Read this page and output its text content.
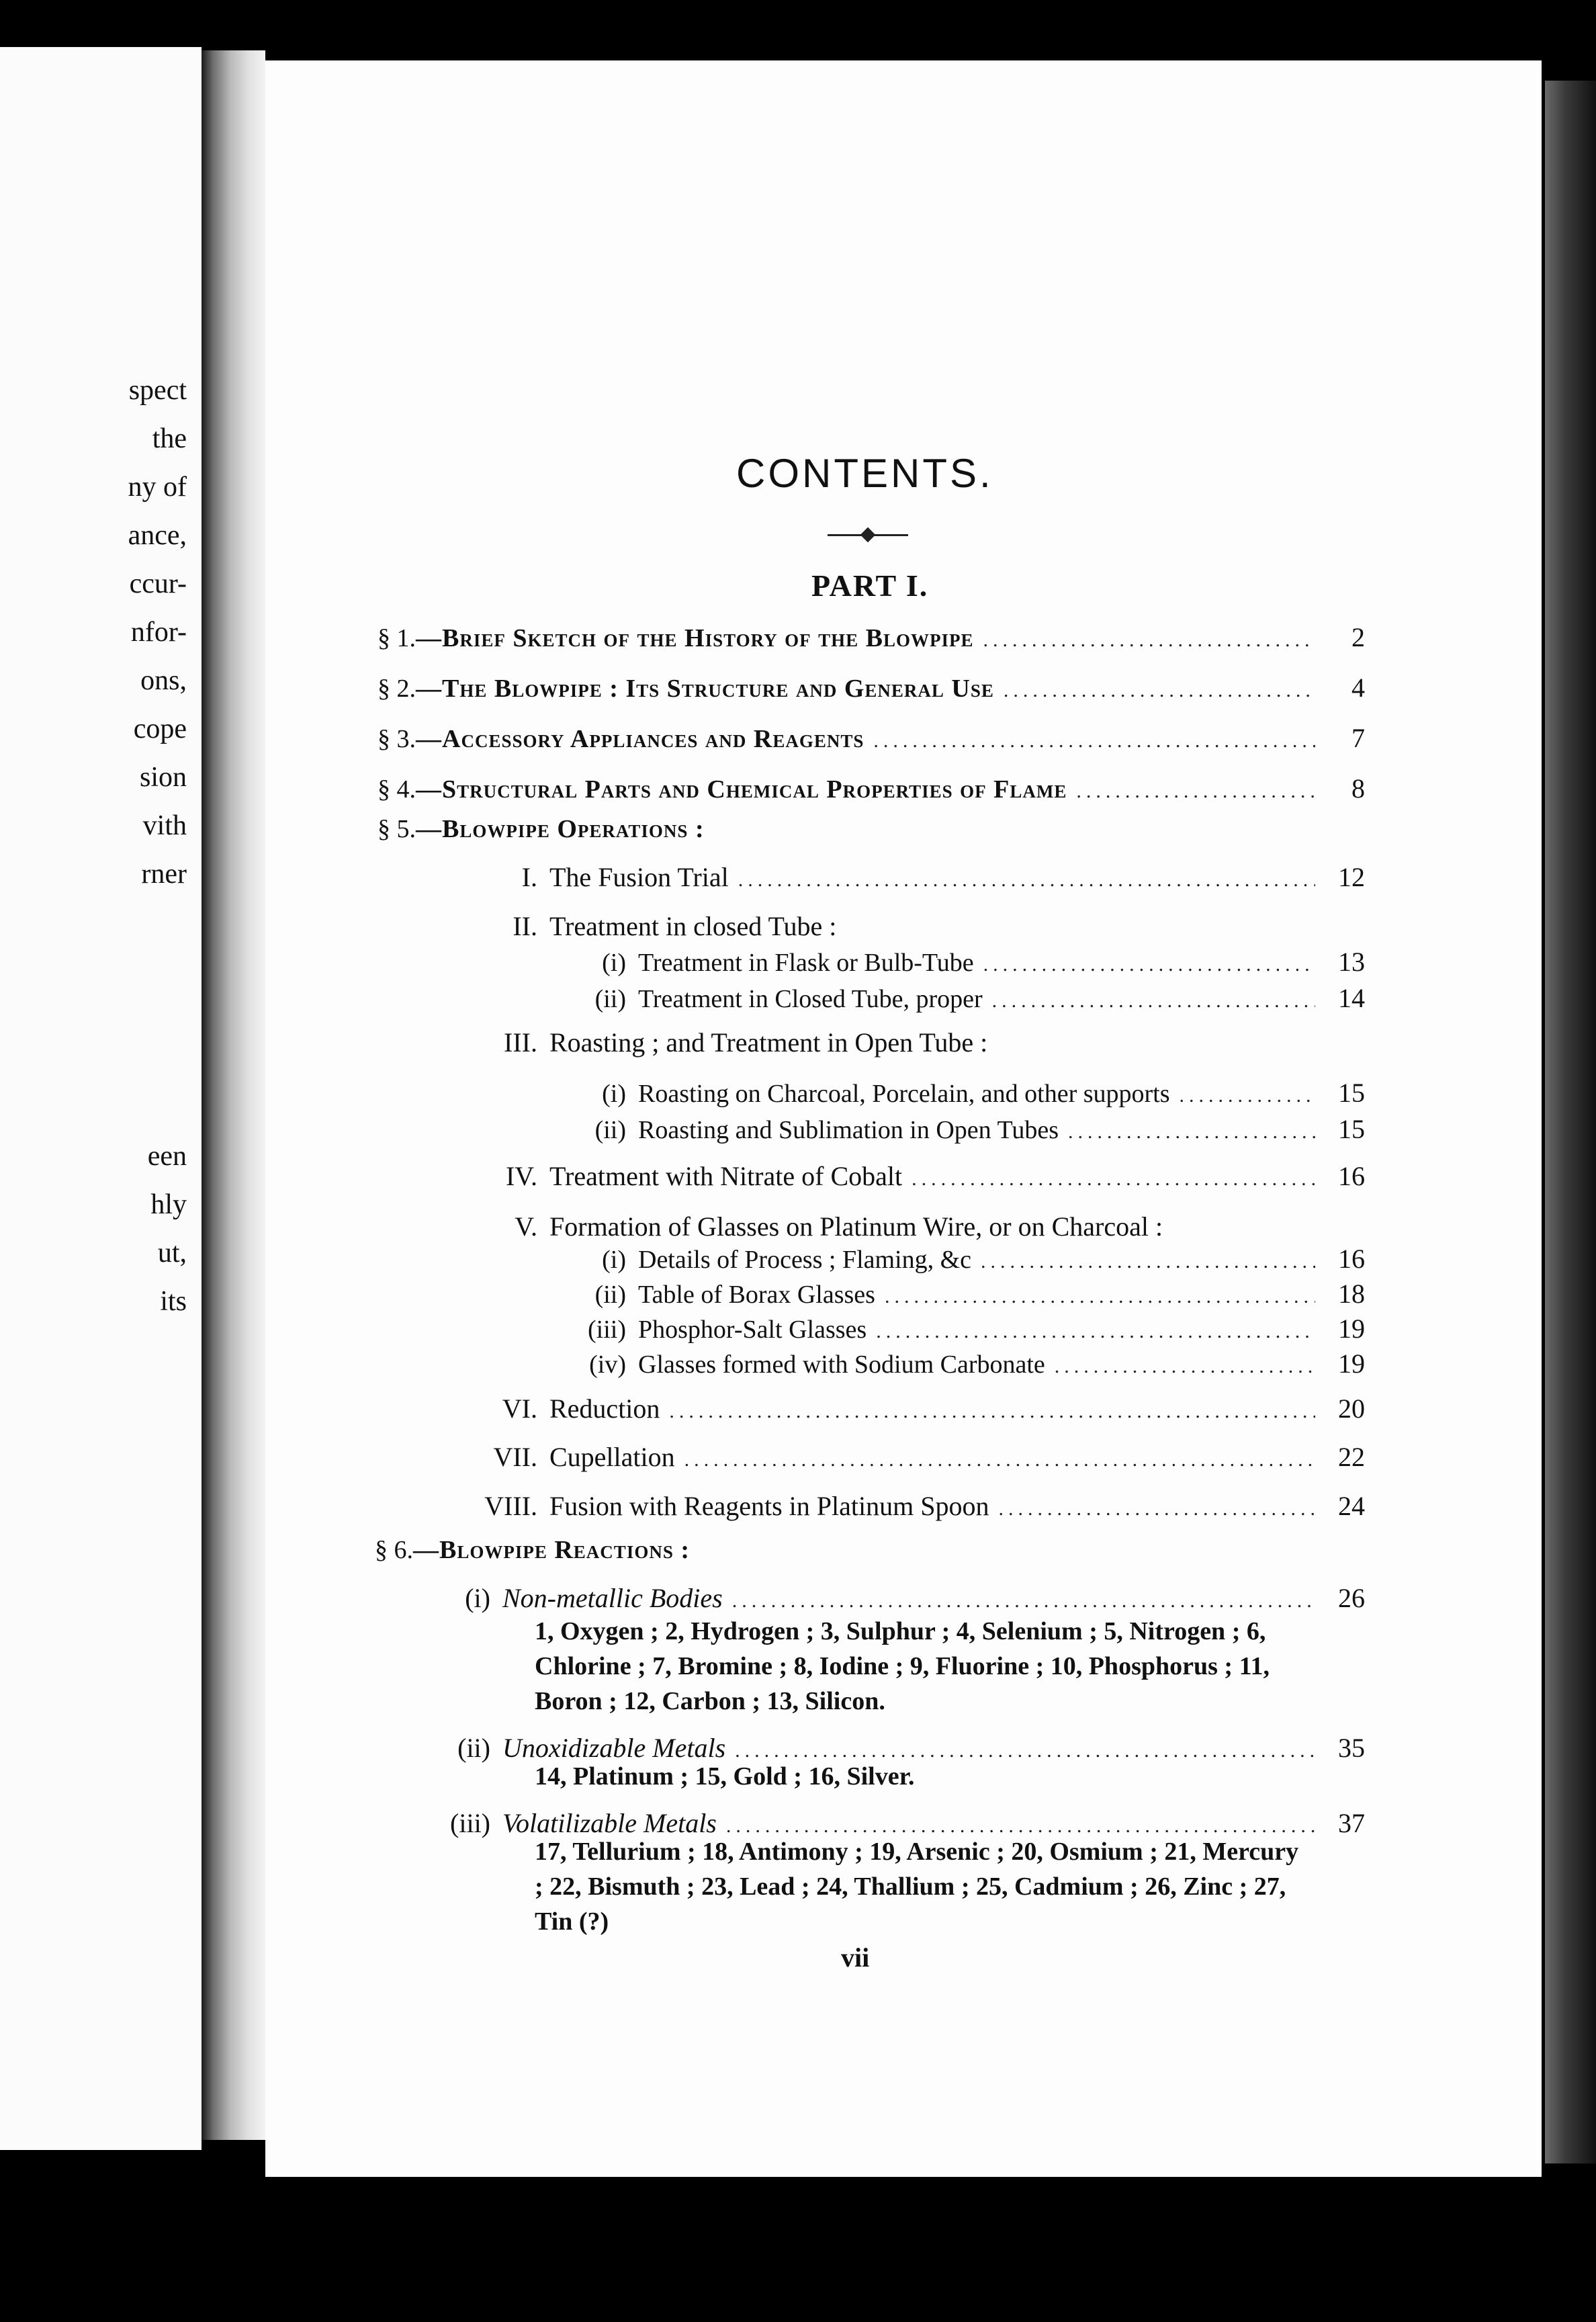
spect
the
ny of
ance,
ccur-
nfor-
ons,
cope
sion
vith
rner
een
hly
ut,
its
CONTENTS.
PART I.
§ 1.—Brief Sketch of the History of the Blowpipe .....	2
§ 2.—The Blowpipe : Its Structure and General Use .....	4
§ 3.—Accessory Appliances and Reagents .....	7
§ 4.—Structural Parts and Chemical Properties of Flame .....	8
§ 5.—Blowpipe Operations :
I. The Fusion Trial .....	12
II. Treatment in closed Tube :
(i) Treatment in Flask or Bulb-Tube .....	13
(ii) Treatment in Closed Tube, proper .....	14
III. Roasting ; and Treatment in Open Tube :
(i) Roasting on Charcoal, Porcelain, and other supports .....	15
(ii) Roasting and Sublimation in Open Tubes .....	15
IV. Treatment with Nitrate of Cobalt .....	16
V. Formation of Glasses on Platinum Wire, or on Charcoal :
(i) Details of Process ; Flaming, &c .....	16
(ii) Table of Borax Glasses .....	18
(iii) Phosphor-Salt Glasses .....	19
(iv) Glasses formed with Sodium Carbonate .....	19
VI. Reduction .....	20
VII. Cupellation .....	22
VIII. Fusion with Reagents in Platinum Spoon .....	24
§ 6.—Blowpipe Reactions :
(i) Non-metallic Bodies .....	26
1, Oxygen ; 2, Hydrogen ; 3, Sulphur ; 4, Selenium ; 5, Nitrogen ; 6, Chlorine ; 7, Bromine ; 8, Iodine ; 9, Fluorine ; 10, Phosphorus ; 11, Boron ; 12, Carbon ; 13, Silicon.
(ii) Unoxidizable Metals .....	35
14, Platinum ; 15, Gold ; 16, Silver.
(iii) Volatilizable Metals .....	37
17, Tellurium ; 18, Antimony ; 19, Arsenic ; 20, Osmium ; 21, Mercury ; 22, Bismuth ; 23, Lead ; 24, Thallium ; 25, Cadmium ; 26, Zinc ; 27, Tin (?)
vii
